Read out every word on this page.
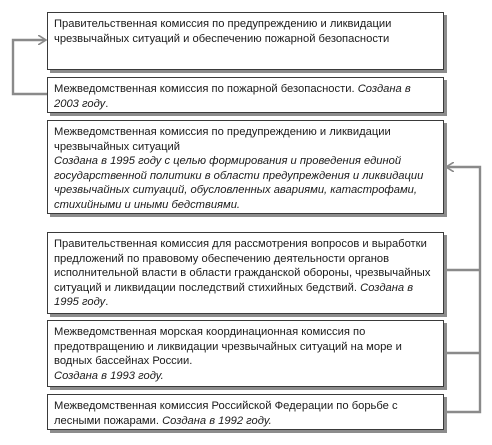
Правительственная комиссия по предупреждению и ликвидации чрезвычайных ситуаций и обеспечению пожарной безопасности
Межведомственная комиссия по пожарной безопасности. Создана в 2003 году.
Межведомственная комиссия по предупреждению и ликвидации чрезвычайных ситуаций
Создана в 1995 году с целью формирования и проведения единой государственной политики в области предупреждения и ликвидации чрезвычайных ситуаций, обусловленных авариями, катастрофами, стихийными и иными бедствиями.
Правительственная комиссия для рассмотрения вопросов и выработки предложений по правовому обеспечению деятельности органов исполнительной власти в области гражданской обороны, чрезвычайных ситуаций и ликвидации последствий стихийных бедствий. Создана в 1995 году.
Межведомственная морская координационная комиссия по предотвращению и ликвидации чрезвычайных ситуаций на море и водных бассейнах России.
Создана в 1993 году.
Межведомственная комиссия Российской Федерации по борьбе с лесными пожарами. Создана в 1992 году.
